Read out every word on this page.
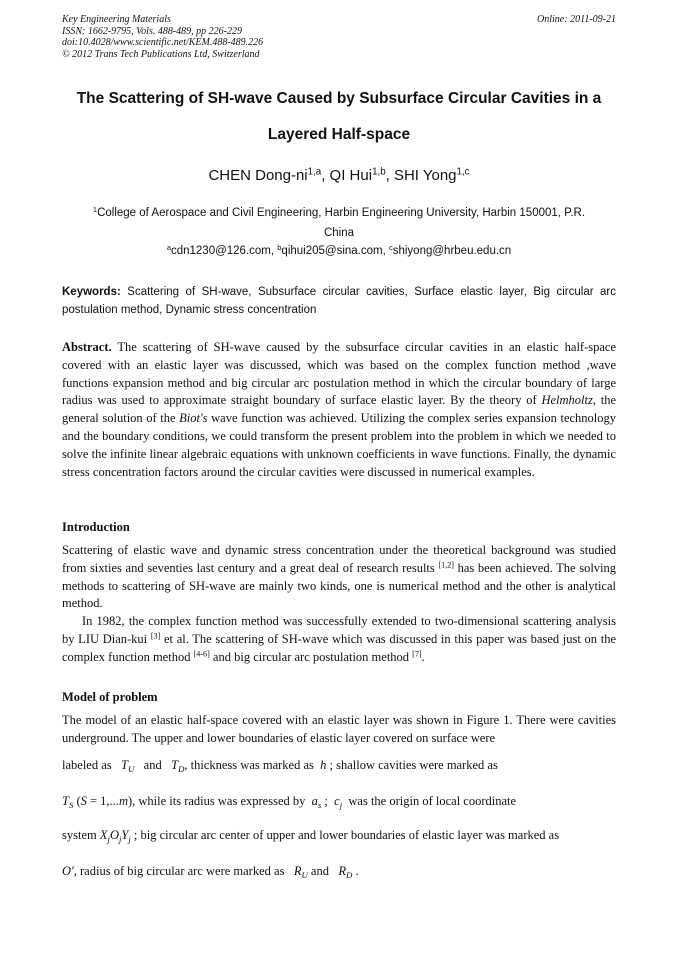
Key Engineering Materials
ISSN: 1662-9795, Vols. 488-489, pp 226-229
doi:10.4028/www.scientific.net/KEM.488-489.226
© 2012 Trans Tech Publications Ltd, Switzerland
Online: 2011-09-21
The Scattering of SH-wave Caused by Subsurface Circular Cavities in a
Layered Half-space
CHEN Dong-ni$^{1,a}$, QI Hui$^{1,b}$, SHI Yong$^{1,c}$
$^1$College of Aerospace and Civil Engineering, Harbin Engineering University, Harbin 150001, P.R.
China
$^a$cdn1230@126.com, $^b$qihui205@sina.com, $^c$shiyong@hrbeu.edu.cn
Keywords: Scattering of SH-wave, Subsurface circular cavities, Surface elastic layer, Big circular arc postulation method, Dynamic stress concentration
Abstract. The scattering of SH-wave caused by the subsurface circular cavities in an elastic half-space covered with an elastic layer was discussed, which was based on the complex function method ,wave functions expansion method and big circular arc postulation method in which the circular boundary of large radius was used to approximate straight boundary of surface elastic layer. By the theory of Helmholtz, the general solution of the Biot's wave function was achieved. Utilizing the complex series expansion technology and the boundary conditions, we could transform the present problem into the problem in which we needed to solve the infinite linear algebraic equations with unknown coefficients in wave functions. Finally, the dynamic stress concentration factors around the circular cavities were discussed in numerical examples.
Introduction
Scattering of elastic wave and dynamic stress concentration under the theoretical background was studied from sixties and seventies last century and a great deal of research results [1,2] has been achieved. The solving methods to scattering of SH-wave are mainly two kinds, one is numerical method and the other is analytical method.
In 1982, the complex function method was successfully extended to two-dimensional scattering analysis by LIU Dian-kui [3] et al. The scattering of SH-wave which was discussed in this paper was based just on the complex function method [4-6] and big circular arc postulation method [7].
Model of problem
The model of an elastic half-space covered with an elastic layer was shown in Figure 1. There were cavities underground. The upper and lower boundaries of elastic layer covered on surface were
labeled as $T_U$ and $T_D$, thickness was marked as h ; shallow cavities were marked as
$T_S$ (S = 1,...m), while its radius was expressed by $a_s$ ; $c_j$ was the origin of local coordinate
system $X_jO_jY_j$ ; big circular arc center of upper and lower boundaries of elastic layer was marked as
O′, radius of big circular arc were marked as $R_U$ and $R_D$ .
